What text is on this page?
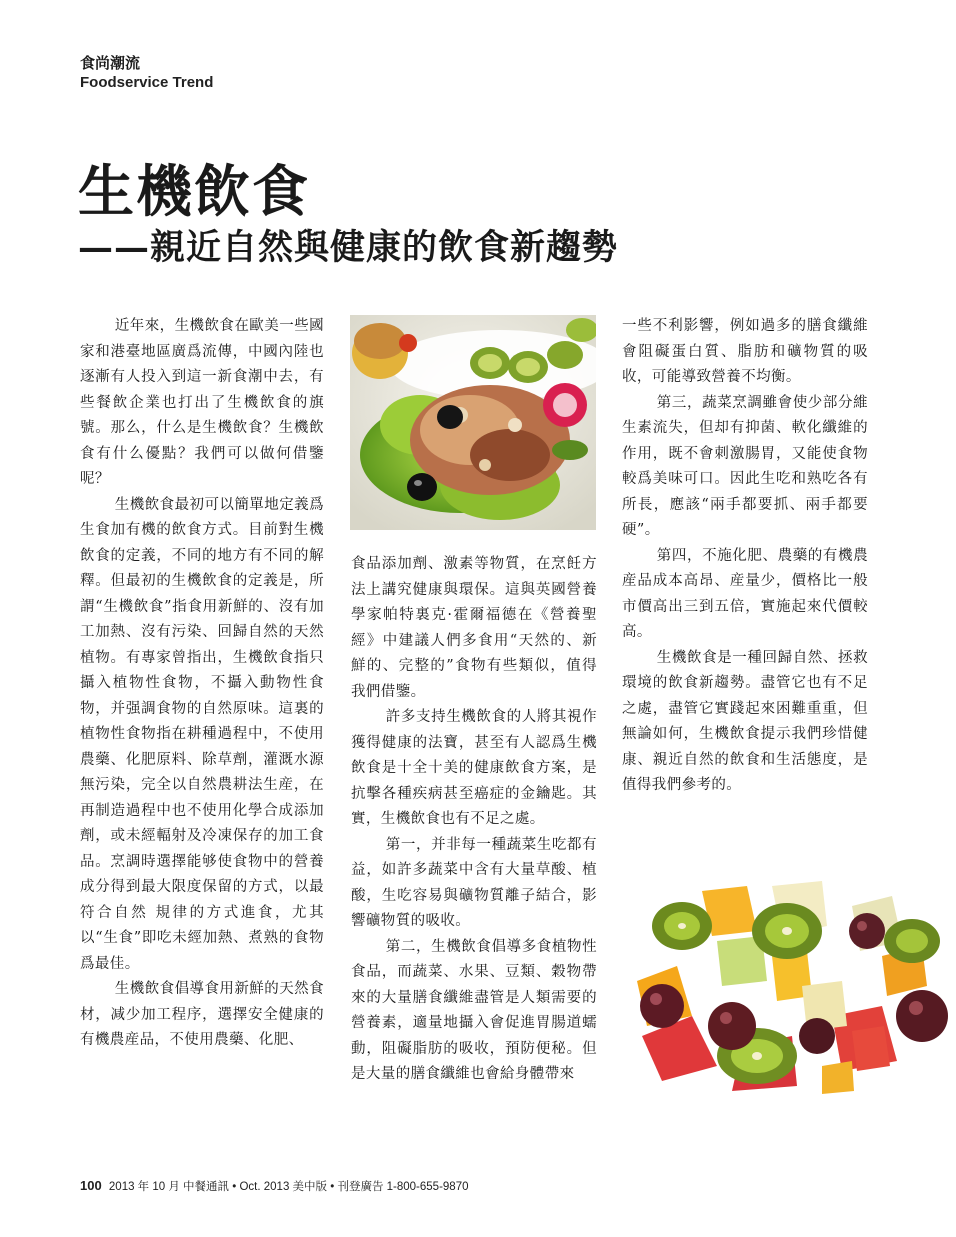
食尚潮流
Foodservice Trend
生機飲食
——親近自然與健康的飲食新趨勢

近年來，生機飲食在歐美一些國家和港臺地區廣爲流傳，中國內陸也逐漸有人投入到這一新食潮中去，有些餐飲企業也打出了生機飲食的旗號。那么，什么是生機飲食？生機飲食有什么優點？我們可以做何借鑒呢？

生機飲食最初可以簡單地定義爲生食加有機的飲食方式。目前對生機飲食的定義，不同的地方有不同的解釋。但最初的生機飲食的定義是，所謂“生機飲食”指食用新鮮的、沒有加工加熱、沒有污染、回歸自然的天然植物。有專家曾指出，生機飲食指只攝入植物性食物，不攝入動物性食物，并强調食物的自然原味。這裏的植物性食物指在耕種過程中，不使用農藥、化肥原料、除草劑，灌溉水源無污染，完全以自然農耕法生産，在再制造過程中也不使用化學合成添加劑，或未經輻射及冷凍保存的加工食品。烹調時選擇能够使食物中的營養成分得到最大限度保留的方式，以最符合自然 規律的方式進食，尤其以“生食”即吃未經加熱、煮熟的食物爲最佳。

生機飲食倡導食用新鮮的天然食材，减少加工程序，選擇安全健康的有機農産品，不使用農藥、化肥、

食品添加劑、激素等物質，在烹飪方法上講究健康與環保。這與英國營養學家帕特裏克·霍爾福德在《營養聖經》中建議人們多食用“天然的、新鮮的、完整的”食物有些類似，值得我們借鑒。

許多支持生機飲食的人將其視作獲得健康的法寶，甚至有人認爲生機飲食是十全十美的健康飲食方案，是抗擊各種疾病甚至癌症的金鑰匙。其實，生機飲食也有不足之處。

第一，并非每一種蔬菜生吃都有益，如許多蔬菜中含有大量草酸、植酸，生吃容易與礦物質離子結合，影響礦物質的吸收。

第二，生機飲食倡導多食植物性食品，而蔬菜、水果、豆類、穀物帶來的大量膳食纖維盡管是人類需要的營養素，適量地攝入會促進胃腸道蠕動，阻礙脂肪的吸收，預防便秘。但是大量的膳食纖維也會給身體帶來

一些不利影響，例如過多的膳食纖維會阻礙蛋白質、脂肪和礦物質的吸收，可能導致營養不均衡。

第三，蔬菜烹調雖會使少部分維生素流失，但却有抑菌、軟化纖維的作用，既不會刺激腸胃，又能使食物較爲美味可口。因此生吃和熟吃各有所長，應該“兩手都要抓、兩手都要硬”。

第四，不施化肥、農藥的有機農産品成本高昂、産量少，價格比一般市價高出三到五倍，實施起來代價較高。

生機飲食是一種回歸自然、拯救環境的飲食新趨勢。盡管它也有不足之處，盡管它實踐起來困難重重，但無論如何，生機飲食提示我們珍惜健康、親近自然的飲食和生活態度，是值得我們參考的。

100 2013 年 10 月 中餐通訊 • Oct. 2013 美中版 • 刊登廣告 1-800-655-9870
